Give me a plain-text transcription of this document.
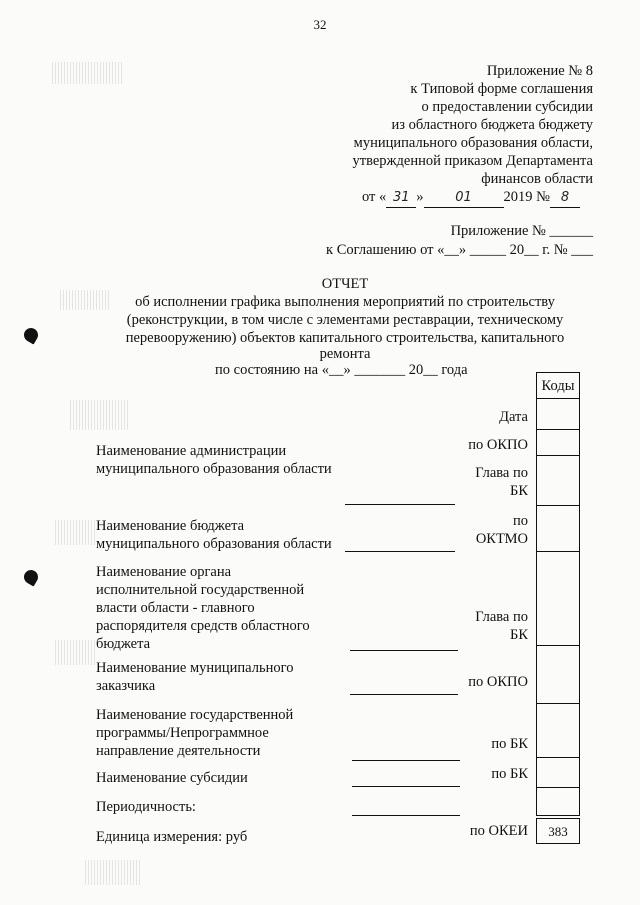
32
Приложение № 8
к Типовой форме соглашения
о предоставлении субсидии
из областного бюджета бюджету
муниципального образования области,
утвержденной приказом Департамента
финансов области
от « 31 » 01 2019 № 8
Приложение № ______
к Соглашению от «__» _____ 20__ г. № ___
ОТЧЕТ
об исполнении графика выполнения мероприятий по строительству
(реконструкции, в том числе с элементами реставрации, техническому
перевооружению) объектов капитального строительства, капитального
ремонта
по состоянию на «__» _______ 20__ года
Коды
383
Дата
по ОКПО
Глава по
БК
по
ОКТМО
Глава по
БК
по ОКПО
по БК
по БК
по ОКЕИ
Наименование администрации
муниципального образования области
Наименование бюджета
муниципального образования области
Наименование органа
исполнительной государственной
власти области - главного
распорядителя средств областного
бюджета
Наименование муниципального
заказчика
Наименование государственной
программы/Непрограммное
направление деятельности
Наименование субсидии
Периодичность:
Единица измерения: руб
